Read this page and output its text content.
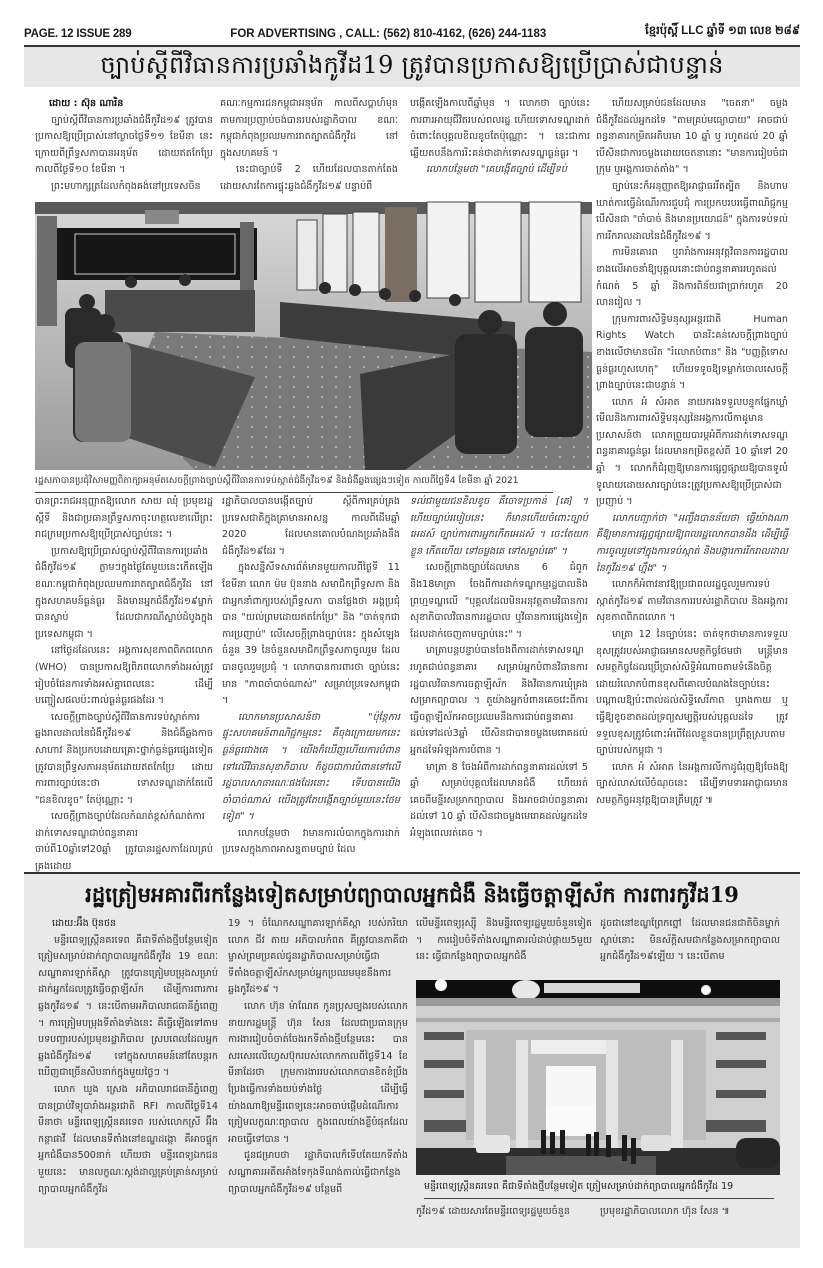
PAGE. 12 ISSUE 289	FOR ADVERTISING , CALL: (562) 810-4162, (626) 244-1183	ខ្មែរប៉ុស្តិ៍ LLC ឆ្នាំទី ១៣ លេខ ២៨៩
ច្បាប់ស្តីពីវិធានការប្រឆាំងកូវីដ19 ត្រូវបានប្រកាសឱ្យប្រើប្រាស់ជាបន្ទាន់

ដោយ : ស៊ុន ណារិន

ច្បាប់ស្តីពីវិធានការប្រឆាំងជំងឺកូវីដ១៩ ត្រូវបានប្រកាសឱ្យប្រើប្រាស់នៅល្ងាចថ្ងៃទី១១ ខែមីនា នេះក្រោយពីព្រឹទ្ធសភាបានអនុម័ត ដោយឥតកែប្រែកាលពីថ្ងៃទី១០ ខែមីនា ។

ព្រះមហាក្សត្រដែលកំពុងគង់នៅប្រទេសចិន

គណៈកម្មការជនកម្ពុជាអនុម័ត កាលពីសប្តាហ៍មុន តាមការប្រញាប់ចង់បានរបស់រដ្ឋាភិបាល ខណៈកម្ពុជាកំពុងប្រឈមការរាតត្បាតជំងឺកូវីដ នៅក្នុងសហគមន៍ ។

នេះជាច្បាប់ទី 2 ហើយដែលបានតាក់តែង ដោយសារតែការផ្ទុះឆ្លងជំងឺកូវីដ១៩ បន្ទាប់ពី

បង្កើតឡើងកាលពីឆ្នាំមុន ។ លោកថា ច្បាប់នេះ ការពារអាយុជីវិតរបស់ពលរដ្ឋ ហើយទោសទណ្ឌដាក់ចំពោះតែបុគ្គលខិលខូចតែប៉ុណ្ណោះ ។ នេះជាការឆ្លើយតបនឹងការរិះគន់ថាដាក់ទោសទណ្ឌធ្ងន់ធ្ងរ ។

លោកបន្ថែមថា "គេបង្កើតច្បាប់ ដើម្បីទប់

ហើយសម្រាប់ជនដែលមាន "ចេតនា" ចម្លងជំងឺកូវីដដល់អ្នកដទៃ "តាមគ្រប់មធ្យោបាយ" អាចជាប់ពន្ធនាគារកម្រិតអតិបរមា 10 ឆ្នាំ ឬ រហូតដល់ 20 ឆ្នាំ បើសិនជាការចម្លងដោយចេតនានោះ "មានការរៀបចំជាក្រុម ឬអង្គការចាត់តាំង" ។

ច្បាប់នេះក៏អនុញ្ញាតឱ្យអាជ្ញាធររឹតត្បិត និងហាមឃាត់ការធ្វើដំណើរការជួបជុំ ការប្រកបរបរធ្វើពាណិជ្ជកម្ម បើសិនជា "ចាំបាច់ និងមានប្រយោជន៍" ក្នុងការទប់ទល់ការរីករាលដាលនៃជំងឺកូវីដ១៩ ។

ការមិនគោរព ឬរារាំងការអនុវត្តវិធានការរដ្ឋបាលខាងលើអាចនាំឱ្យបុគ្គលនោះជាប់ពន្ធនាគាររហូតដល់កំណត់ 5 ឆ្នាំ និងការពិន័យជាប្រាក់រហូត 20 លានរៀល ។

ក្រុមការពារសិទ្ធិមនុស្សអន្តរជាតិ Human Rights Watch បានរិះគន់សេចក្តីព្រាងច្បាប់ខាងលើថាមានចរិត "រំលោភបំពាន" និង "បញ្ញត្តិទោសធ្ងន់ធ្ងរហួសហេតុ" ហើយទទូចឱ្យទម្លាក់ចោលសេចក្តីព្រាងច្បាប់នេះជាបន្ទាន់ ។

លោក អំ សំអាត នាយករងទទួលបន្ទុកផ្នែកឃ្លាំមើលនិងការពារសិទ្ធិមនុស្សនៃអង្គការលីកាដូមានប្រសាសន៍ថា លោកព្រួយបារម្ភអំពីការដាក់ទោសទណ្ឌពន្ធនាគារធ្ងន់ធ្ងរ ដែលមានកម្រិតខ្ពស់ពី 10 ឆ្នាំទៅ 20 ឆ្នាំ ។ លោកក៏ជំរុញឱ្យមានការផ្សព្វផ្សាយឱ្យបានទូលំទូលាយដោយសារច្បាប់នេះត្រូវប្រកាសឱ្យប្រើប្រាស់ជាប្រញាប់ ។

លោកបញ្ជាក់ថា "អញ្ចឹងបានន័យថា ធ្វើយ៉ាងណា គឺឱ្យមានការផ្សព្វផ្សាយឱ្យពលរដ្ឋលោកបានដឹង ដើម្បីធ្វើការចូលរួមទៅក្នុងការទប់ស្កាត់ និងបង្ការការរីករាលដាលនៃកូវីដ១៩ ហ្នឹង" ។

លោកក៏អំពាវនាវឱ្យប្រជាពលរដ្ឋចូលរួមការទប់ស្កាត់កូវីដ១៩ តាមវិធានការរបស់រដ្ឋាភិបាល និងអង្គការសុខភាពពិភពលោក ។

មាត្រា 12 នៃច្បាប់នេះ ចាត់ទុកថាមានការទទួលខុសត្រូវរបស់អាជ្ញាធរមានសមត្ថកិច្ចថែមថា មន្ត្រីមានសមត្ថកិច្ចដែលប្រើប្រាស់សិទ្ធិអំណាចតាមទំនើងចិត្ត ដោយរំលោភបំពានខុសពីគោលបំណងនៃច្បាប់នេះ បណ្តាលឱ្យប៉ះពាល់ដល់សិទ្ធិសេរីភាព ឬរាងកាយ ឬធ្វើឱ្យខូចខាតដល់ទ្រព្យសម្បត្តិរបស់បុគ្គលដទៃ ត្រូវទទួលខុសត្រូវចំពោះអំពើដែលខ្លួនបានប្រព្រឹត្តស្របតាមច្បាប់របស់កម្ពុជា ។

លោក អំ សំអាត នៃអង្គការលីកាដូជំរុញឱ្យចែងឱ្យច្បាស់លាស់លើចំណុចនេះ ដើម្បីទាមទារអាជ្ញាធរមានសមត្ថកិច្ចអនុវត្តឱ្យបានត្រឹមត្រូវ ៕

រដ្ឋសភាបានប្រជុំវិសាមញ្ញពិភាក្សាអនុម័តសេចក្តីព្រាងច្បាប់ស្តីពីវិធានការទប់ស្កាត់ជំងឺកូវីដ១៩ និងជំងឺឆ្លងផ្សេងៗទៀត កាលពីថ្ងៃទី4 ខែមីនា ឆ្នាំ 2021

បានព្រះរាជអនុញ្ញាតឱ្យលោក សាយ ឈុំ ប្រមុខរដ្ឋស្តីទី និងជាប្រធានព្រឹទ្ធសភាចុះហត្ថលេខាលើព្រះរាជក្រមប្រកាសឱ្យប្រើប្រាស់ច្បាប់នេះ ។

ប្រកាសឱ្យប្រើប្រាស់ច្បាប់ស្តីពីវិធានការប្រឆាំងជំងឺកូវីដ១៩ ភ្លាមៗក្នុងថ្ងៃតែមួយនេះកើតឡើង ខណៈកម្ពុជាកំពុងប្រឈមការរាតត្បាតជំងឺកូវីដ នៅក្នុងសហគមន៍ធ្ងន់ធ្ងរ និងមានអ្នកជំងឺកូវីដ១៩ម្នាក់បានស្លាប់ ដែលជាករណីស្លាប់ដំបូងក្នុងប្រទេសកម្ពុជា ។

នៅថ្ងៃដដែលនេះ អង្គការសុខភាពពិភពលោក (WHO) បានប្រកាសឱ្យពិភពលោកទាំងអស់ត្រូវរៀបចំផែនការទាំងអស់គ្នាពេលនេះ ដើម្បីបញ្ចៀសផលប៉ះពាល់ធ្ងន់ធ្ងរផងដែរ ។

សេចក្តីព្រាងច្បាប់ស្តីពីវិធានការទប់ស្កាត់ការឆ្លងរាលដាលនៃជំងឺកូវីដ១៩ និងជំងឺឆ្លងកាចសាហាវ និងប្រកបដោយគ្រោះថ្នាក់ធ្ងន់ធ្ងរផ្សេងទៀត ត្រូវបានព្រឹទ្ធសភាអនុម័តដោយឥតកែប្រែ ដោយការពារច្បាប់នេះថា ទោសទណ្ឌដាក់តែលើ "ជនខិលខូច" តែប៉ុណ្ណោះ ។

សេចក្តីព្រាងច្បាប់ដែលកំណត់ខ្ពស់កំណត់ការដាក់ទោសទណ្ឌជាប់ពន្ធនាគារ ចាប់ពី10ឆ្នាំទៅ20ឆ្នាំ ត្រូវបានរដ្ឋសភាដែលគ្រប់គ្រងដោយ

រដ្ឋាភិបាលបានបង្កើតច្បាប់ ស្តីពីការគ្រប់គ្រងប្រទេសជាតិក្នុងគ្រាមានអាសន្ន កាលពីដើមឆ្នាំ 2020 ដែលមានគោលបំណងប្រឆាំងនឹងជំងឺកូវីដ១៩ដែរ ។

ក្នុងសន្និសីទសារព័ត៌មានមួយកាលពីថ្ងៃទី 11 ខែមីនា លោក ម៉ម ប៊ុននាង សមាជិកព្រឹទ្ធសភា និងជាអ្នកនាំពាក្យរបស់ព្រឹទ្ធសភា បានថ្លែងថា អង្គប្រជុំបាន "យល់ព្រមដោយឥតកែប្រែ" និង "ចាត់ទុកជាការប្រញាប់" លើសេចក្តីព្រាងច្បាប់នេះ ក្នុងសំឡេងចំនួន 39 នៃចំនួនសមាជិកព្រឹទ្ធសភាចូលរួម ដែលបានចូលរួមប្រជុំ ។ លោកបានការពារថា ច្បាប់នេះមាន "ភាពចាំបាច់ណាស់" សម្រាប់ប្រទេសកម្ពុជា ។

លោកមានប្រសាសន៍ថា "ប៉ុន្តែការផ្ទុះសហគមន៍ពាណិជ្ជកម្មនេះ គឺចុងក្រោយមកនេះធ្ងន់ធ្ងរជាងគេ ។ យើងក៏ឃើញហើយការបំពានទៅលើវិធានសុខាភិបាល ក៏ដូចជាការបំពានទៅលើរដ្ឋបាលសាធារណៈផងដែរនោះ ទើបបានយើងចាំបាច់ណាស់ យើងត្រូវតែបង្កើតច្បាប់មួយនេះថែមទៀត" ។

លោកបន្ថែមថា វាមានការលំបាកក្នុងការដាក់ប្រទេសក្នុងភាពអាសន្នតាមច្បាប់ ដែល

ទល់ជាមួយជនខិលខូច គឺចោទប្រកាន់ [គេ] ។ ហើយច្បាប់របៀបនេះ ក៏មានហើយចំពោះច្បាប់អេដស៍ ច្បាប់ការពារអ្នកកើតអេដស៍ ។ ចេះតែយកខ្លួន កើតហើយ ទៅចម្លងគេ ទៅសម្លាប់គេ" ។

សេចក្តីព្រាងច្បាប់ដែលមាន 6 ជំពូក និង18មាត្រា ចែងពីការដាក់ទណ្ឌកម្មរដ្ឋបាលនិងព្រហ្មទណ្ឌលើ "បុគ្គលដែលមិនអនុវត្តតាមវិធានការសុខាភិបាលវិធានការរដ្ឋបាល ឬវិធានការផ្សេងទៀតដែលដាក់ចេញតាមច្បាប់នេះ" ។

មាត្រាបន្តបន្ទាប់បានចែងពីការដាក់ទោសទណ្ឌរហូតជាប់ពន្ធនាគារ សម្រាប់អ្នកបំពានវិធានការរដ្ឋបាលវិធានការចត្តាឡីស័ក និងវិធានការឃុំគ្រងសម្រាកព្យាបាល ។ តួយ៉ាងអ្នកបំពានគេចវេះពីការធ្វើចត្តាឡីស័កអាចប្រឈមនឹងការជាប់ពន្ធនាគារដល់ទៅដល់3ឆ្នាំ បើសិនជាបានចម្លងមេរោគដល់អ្នកដទៃអំឡុងការបំពាន ។

មាត្រា 8 ចែងអំពីការដាក់ពន្ធនាគារដល់ទៅ 5 ឆ្នាំ សម្រាប់បុគ្គលដែលមានជំងឺ ហើយរត់គេចពីមន្ទីរសម្រាកព្យាបាល និងអាចជាប់ពន្ធនាគារដល់ទៅ 10 ឆ្នាំ បើសិនជាចម្លងមេរោគដល់អ្នកដទៃអំឡុងពេលរត់គេច ។

រដ្ឋត្រៀមអគារពីរកន្លែងទៀតសម្រាប់ព្យាបាលអ្នកជំងឺ និងធ្វើចត្តាឡីស័ក ការពារកូវីដ19

ដោយ:អ៊ឹង ប៊ុនថន

មន្ទីរពេទ្យស្ត្រីនគរទេព គឺជាទីតាំងថ្មីបន្ថែមទៀត ត្រៀមសម្រាប់ដាក់ព្យាបាលអ្នកជំងឺកូវីដ 19 ខណៈសណ្ឋាគារឡាក់គីស្ដា ត្រូវបានត្រៀមបម្រុងសម្រាប់ដាក់អ្នកដែលត្រូវធ្វើចត្តាឡីស័ក ដើម្បីការពារការឆ្លងកូវីដ១៩ ។ នេះបើតាមអភិបាលរាជធានីភ្នំពេញ ។ ការត្រៀមបម្រុងទីតាំងទាំងនេះ គឺធ្វើឡើងទៅតាមបទបញ្ជារបស់ប្រមុខរដ្ឋាភិបាល ស្របពេលដែលអ្នកឆ្លងជំងឺកូវីដ១៩ ទៅក្នុងសហគមន៍នៅតែបន្តរកឃើញជាច្រើនសិបនាក់ក្នុងមួយថ្ងៃៗ ។

លោក ឃួង ស្រេង អភិបាលរាជធានីភ្នំពេញ បានប្រាប់វិទ្យុបារាំងអន្តរជាតិ RFI កាលពីថ្ងៃទី14 មីនាថា មន្ទីរពេទ្យស្ត្រីនគរទេព របស់លោកស្រី អ៊ឹង កន្ថាផាវី ដែលមានទីតាំងនៅខណ្ឌដង្កោ គឺអាចផ្ទុកអ្នកជំងឺបាន500នាក់ ហើយថា មន្ទីរពេទ្យឯកជនមួយនេះ មានលក្ខណៈស្តង់ដាល្អគ្រប់គ្រាន់សម្រាប់ព្យាបាលអ្នកជំងឺកូវីដ

19 ។ ចំណែកសណ្ឋាគារឡាក់គីស្ដា របស់ភរិយាលោក ជីវ តាយ អភិបាលកំពត គឺត្រូវបានភាគីជាម្ចាស់ព្រមប្រគល់ជូនរដ្ឋាភិបាលសម្រាប់ធ្វើជាទីតាំងចត្តាឡីស័កសម្រាប់អ្នកប្រឈមមុខនឹងការឆ្លងកូវីដ១៩ ។

លោក ហ៊ុន ម៉ាណែត កូនប្រុសច្បងរបស់លោកនាយករដ្ឋមន្ត្រី ហ៊ុន សែន ដែលជាប្រធានក្រុមការងាររៀបចំចាត់ចែងរកទីតាំងថ្មីបន្ថែមនេះ បានសរសេរលើហ្វេសប៊ុករបស់លោកកាលពីថ្ងៃទី14 ខែមីនាដែរថា ក្រុមការងាររបស់លោកបានខិតខំប្រឹងប្រែងធ្វើការទាំងយប់ទាំងថ្ងៃ ដើម្បីធ្វើយ៉ាងណាឱ្យមន្ទីរពេទ្យនេះអាចចាប់ផ្តើមដំណើរការ ត្រៀមលក្ខណៈព្យាបាល ក្នុងពេលយ៉ាងខ្លីបំផុតដែលអាចធ្វើទៅបាន ។

ជូនជម្រាបថា រដ្ឋាភិបាលក៏ទើបតែយកទីតាំងសណ្ឋាគារអតីតអាំងទែកុងទីណង់តាល់ធ្វើជាកន្លែងព្យាបាលអ្នកជំងឺកូវីដ១៩ បន្ថែមពី

លើមន្ទីរពេទ្យរុស្ស៊ី និងមន្ទីរពេទ្យរដ្ឋមួយចំនួនទៀត ។ ការរៀបចំទីតាំងសណ្ឋាគារលំដាប់ផ្កាយ5មួយនេះ ធ្វើជាកន្លែងព្យាបាលអ្នកជំងឺ

ដូចជានៅខណ្ឌព្រែកព្នៅ ដែលមានជនជាតិចិនម្នាក់ស្លាប់នោះ មិនស័ក្តិសមជាកន្លែងសម្រាកព្យាបាលអ្នកជំងឺកូវីដ១៩ឡើយ ។ នេះបើតាម

មន្ទីរពេទ្យស្ត្រីនគរទេព គឺជាទីតាំងថ្មីបន្ថែមទៀត ត្រៀមសម្រាប់ដាក់ព្យាបាលអ្នកជំងឺកូវីដ 19

កូវីដ១៩ ដោយសារតែមន្ទីរពេទ្យរដ្ឋមួយចំនួន	ប្រមុខរដ្ឋាភិបាលលោក ហ៊ុន សែន ៕
